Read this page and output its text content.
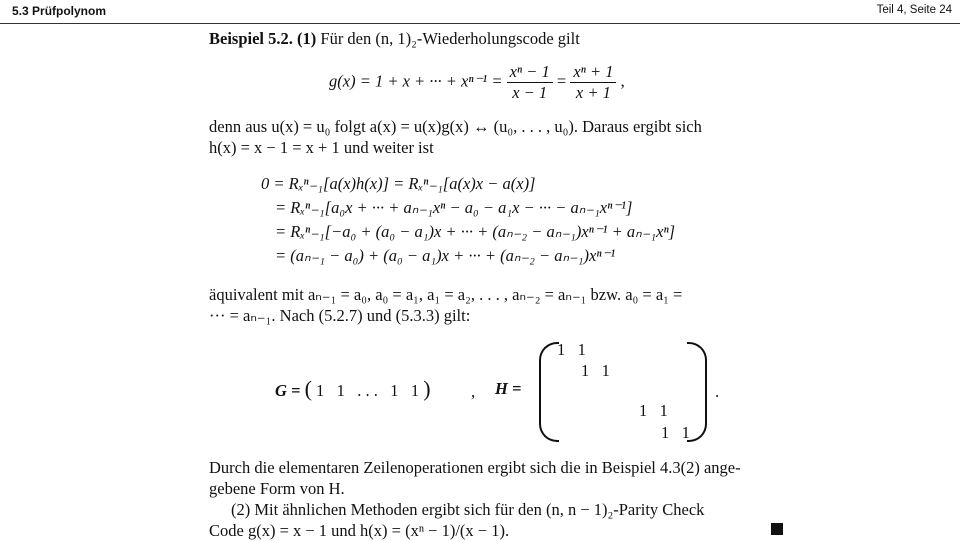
5.3 Prüfpolynom	Teil 4, Seite 24
Beispiel 5.2. (1) Für den (n, 1)₂-Wiederholungscode gilt
g(x) = 1 + x + ··· + $x^{n-1} = \frac{\text{xⁿ − 1}}{x - 1} = \frac{\text{xⁿ + 1}}{x + 1}$ ,
denn aus u(x) = u₀ folgt a(x) = u(x)g(x) ↔ (u₀, . . . , u₀). Daraus ergibt sich
h(x) = x − 1 = x + 1 und weiter ist
0 = Rₓⁿ₋₁[a(x)h(x)] = Rₓⁿ₋₁[a(x)x − a(x)]
= Rₓⁿ₋₁[a₀x + ··· + aₙ₋₁xⁿ − a₀ − a₁x − ··· − aₙ₋₁xⁿ⁻¹]
= Rₓⁿ₋₁[−a₀ + (a₀ − a₁)x + ··· + (aₙ₋₂ − aₙ₋₁)xⁿ⁻¹ + aₙ₋₁xⁿ]
= (aₙ₋₁ − a₀) + (a₀ − a₁)x + ··· + (aₙ₋₂ − aₙ₋₁)xⁿ⁻¹
äquivalent mit aₙ₋₁ = a₀, a₀ = a₁, a₁ = a₂, . . . , aₙ₋₂ = aₙ₋₁ bzw. a₀ = a₁ =
··· = aₙ₋₁. Nach (5.2.7) und (5.3.3) gilt:
G = ( 1   1   . . .   1   1 ) , H =
1   1
1   1
1   1
1   1
.
Durch die elementaren Zeilenoperationen ergibt sich die in Beispiel 4.3(2) ange-
gebene Form von H.
(2) Mit ähnlichen Methoden ergibt sich für den (n, n − 1)₂-Parity Check
Code g(x) = x − 1 und h(x) = (xⁿ − 1)/(x − 1).
